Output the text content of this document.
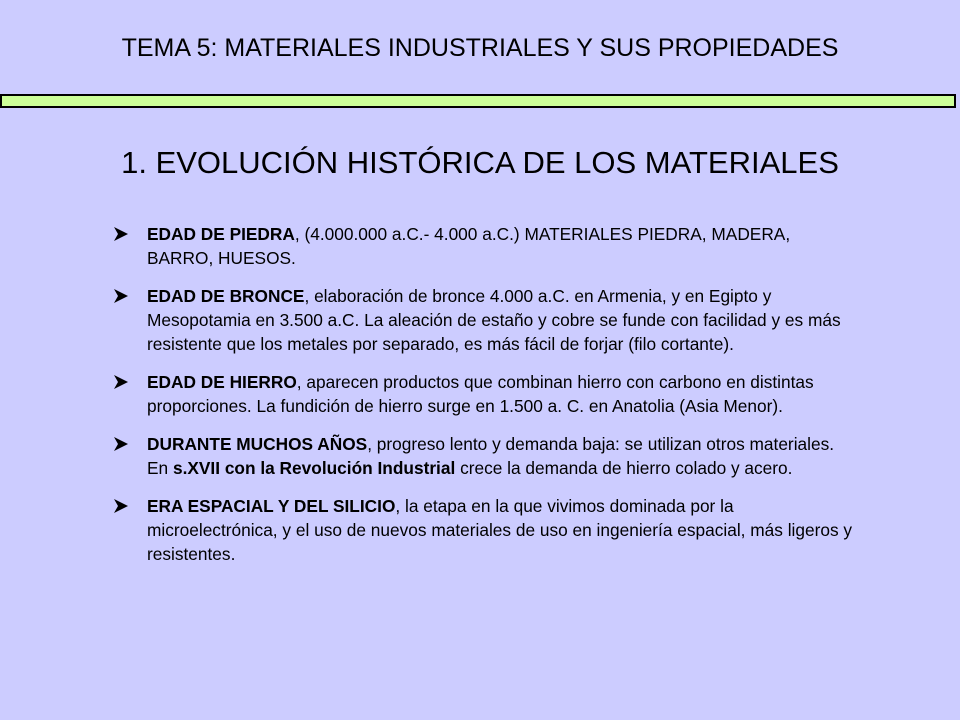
TEMA 5: MATERIALES INDUSTRIALES Y SUS PROPIEDADES
1. EVOLUCIÓN HISTÓRICA DE LOS MATERIALES
EDAD DE PIEDRA, (4.000.000 a.C.- 4.000 a.C.) MATERIALES PIEDRA, MADERA, BARRO, HUESOS.
EDAD DE BRONCE, elaboración de bronce 4.000 a.C. en Armenia, y en Egipto y Mesopotamia en 3.500 a.C. La aleación de estaño y cobre se funde con facilidad y es más resistente que los metales por separado, es más fácil de forjar (filo cortante).
EDAD DE HIERRO, aparecen productos que combinan hierro con carbono en distintas proporciones. La fundición de hierro surge en 1.500 a. C. en Anatolia (Asia Menor).
DURANTE MUCHOS AÑOS, progreso lento y demanda baja: se utilizan otros materiales. En s.XVII con la Revolución Industrial crece la demanda de hierro colado y acero.
ERA ESPACIAL Y DEL SILICIO, la etapa en la que vivimos dominada por la microelectrónica, y el uso de nuevos materiales de uso en ingeniería espacial, más ligeros y resistentes.
